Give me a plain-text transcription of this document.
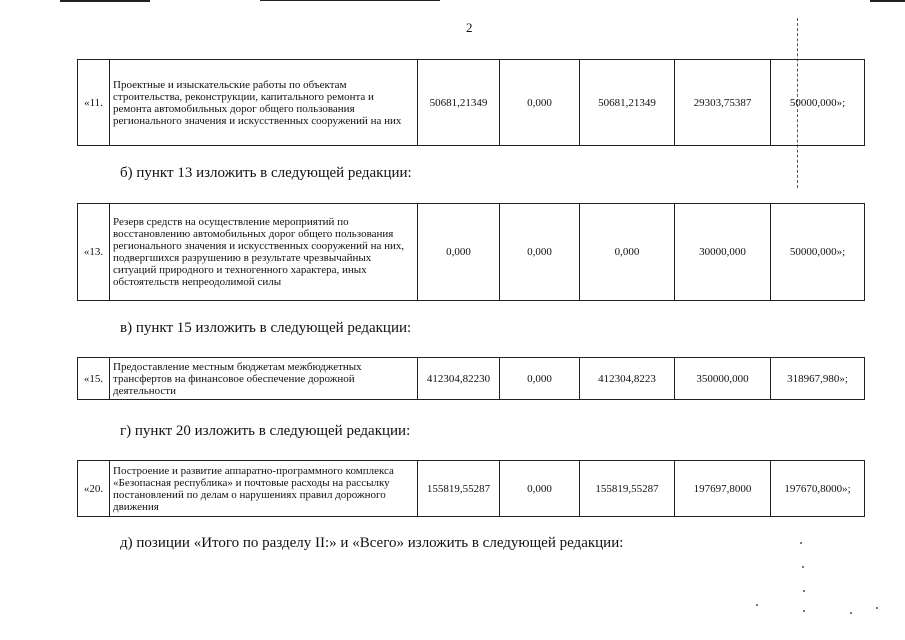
2
«11.	Проектные и изыскательские работы по объектам строительства, реконструкции, капитального ремонта и ремонта автомобильных дорог общего пользования регионального значения и искусственных сооружений на них	50681,21349	0,000	50681,21349	29303,75387	50000,000»;
б) пункт 13 изложить в следующей редакции:
«13.	Резерв средств на осуществление мероприятий по восстановлению автомобильных дорог общего пользования регионального значения и искусственных сооружений на них, подвергшихся разрушению в результате чрезвычайных ситуаций природного и техногенного характера, иных обстоятельств непреодолимой силы	0,000	0,000	0,000	30000,000	50000,000»;
в) пункт 15 изложить в следующей редакции:
«15.	Предоставление местным бюджетам межбюджетных трансфертов на финансовое обеспечение дорожной деятельности	412304,82230	0,000	412304,8223	350000,000	318967,980»;
г) пункт 20 изложить в следующей редакции:
«20.	Построение и развитие аппаратно-программного комплекса «Безопасная республика» и почтовые расходы на рассылку постановлений по делам о нарушениях правил дорожного движения	155819,55287	0,000	155819,55287	197697,8000	197670,8000»;
д) позиции «Итого по разделу II:» и «Всего» изложить в следующей редакции:
